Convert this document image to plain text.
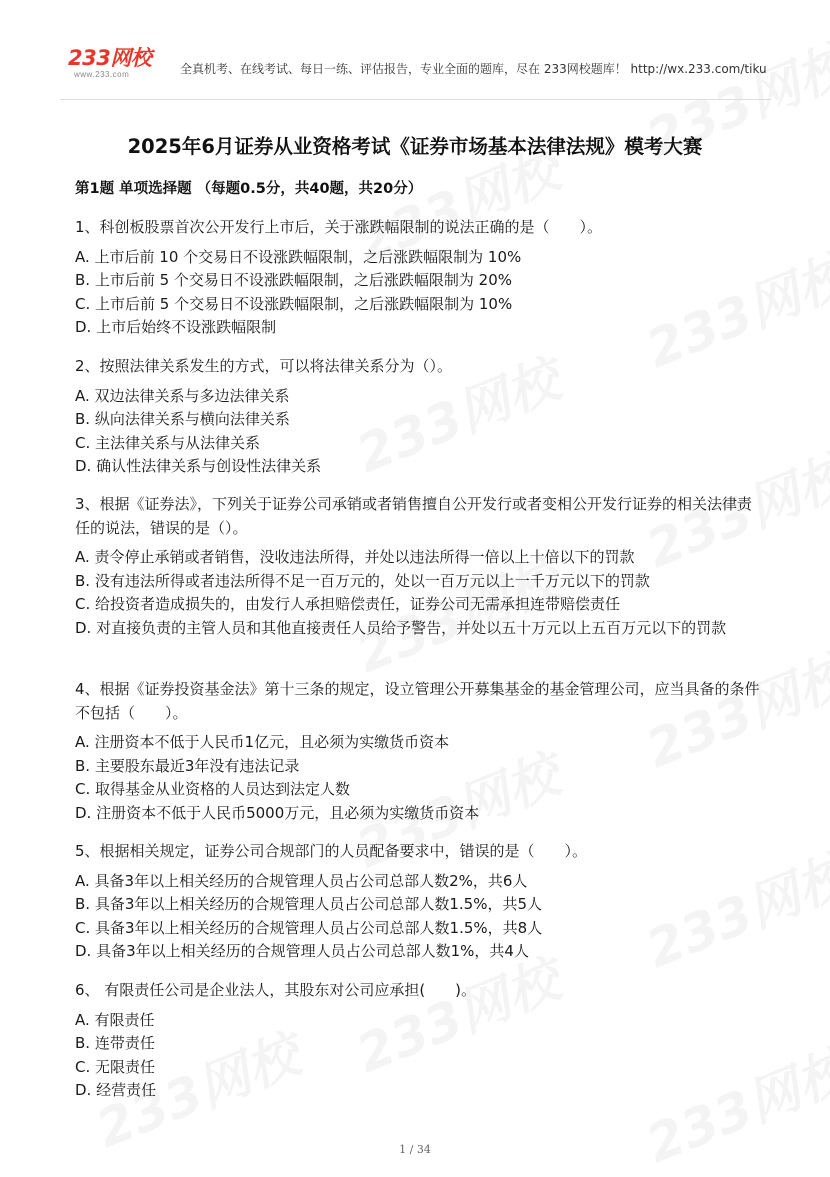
233网校
www.233.com	全真机考、在线考试、每日一练、评估报告，专业全面的题库，尽在 233网校题库！ http://wx.233.com/tiku
2025年6月证券从业资格考试《证券市场基本法律法规》模考大赛
第1题 单项选择题 （每题0.5分，共40题，共20分）

1、科创板股票首次公开发行上市后，关于涨跌幅限制的说法正确的是（　　）。

A. 上市后前 10 个交易日不设涨跌幅限制，之后涨跌幅限制为 10%

B. 上市后前 5 个交易日不设涨跌幅限制，之后涨跌幅限制为 20%

C. 上市后前 5 个交易日不设涨跌幅限制，之后涨跌幅限制为 10%

D. 上市后始终不设涨跌幅限制

2、按照法律关系发生的方式，可以将法律关系分为（）。

A. 双边法律关系与多边法律关系

B. 纵向法律关系与横向法律关系

C. 主法律关系与从法律关系

D. 确认性法律关系与创设性法律关系

3、根据《证券法》，下列关于证券公司承销或者销售擅自公开发行或者变相公开发行证券的相关法律责任的说法，错误的是（）。

A. 责令停止承销或者销售，没收违法所得，并处以违法所得一倍以上十倍以下的罚款

B. 没有违法所得或者违法所得不足一百万元的，处以一百万元以上一千万元以下的罚款

C. 给投资者造成损失的，由发行人承担赔偿责任，证券公司无需承担连带赔偿责任

D. 对直接负责的主管人员和其他直接责任人员给予警告，并处以五十万元以上五百万元以下的罚款

4、根据《证券投资基金法》第十三条的规定，设立管理公开募集基金的基金管理公司，应当具备的条件不包括（　　）。

A. 注册资本不低于人民币1亿元，且必须为实缴货币资本

B. 主要股东最近3年没有违法记录

C. 取得基金从业资格的人员达到法定人数

D. 注册资本不低于人民币5000万元，且必须为实缴货币资本

5、根据相关规定，证券公司合规部门的人员配备要求中，错误的是（　　）。

A. 具备3年以上相关经历的合规管理人员占公司总部人数2%，共6人

B. 具备3年以上相关经历的合规管理人员占公司总部人数1.5%，共5人

C. 具备3年以上相关经历的合规管理人员占公司总部人数1.5%，共8人

D. 具备3年以上相关经历的合规管理人员占公司总部人数1%，共4人

6、 有限责任公司是企业法人，其股东对公司应承担(　　)。

A. 有限责任

B. 连带责任

C. 无限责任

D. 经营责任

1 / 34
